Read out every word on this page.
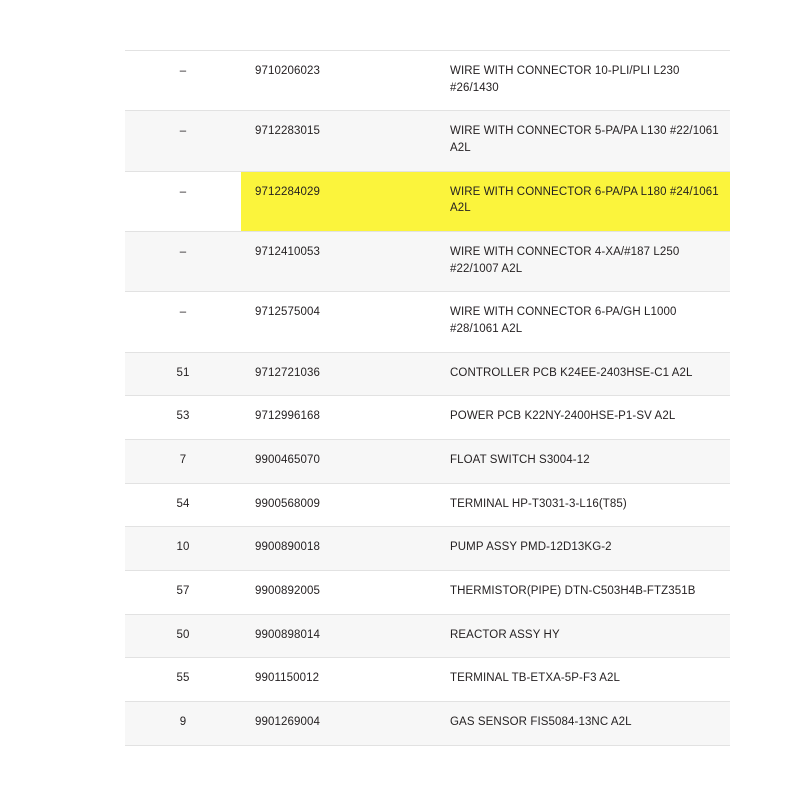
–	9710206023	WIRE WITH CONNECTOR 10-PLI/PLI L230
#26/1430

–	9712283015	WIRE WITH CONNECTOR 5-PA/PA L130 #22/1061
A2L

–	9712284029	WIRE WITH CONNECTOR 6-PA/PA L180 #24/1061
A2L

–	9712410053	WIRE WITH CONNECTOR 4-XA/#187 L250
#22/1007 A2L

–	9712575004	WIRE WITH CONNECTOR 6-PA/GH L1000
#28/1061 A2L

51	9712721036	CONTROLLER PCB K24EE-2403HSE-C1 A2L

53	9712996168	POWER PCB K22NY-2400HSE-P1-SV A2L

7	9900465070	FLOAT SWITCH S3004-12

54	9900568009	TERMINAL HP-T3031-3-L16(T85)

10	9900890018	PUMP ASSY PMD-12D13KG-2

57	9900892005	THERMISTOR(PIPE) DTN-C503H4B-FTZ351B

50	9900898014	REACTOR ASSY HY

55	9901150012	TERMINAL TB-ETXA-5P-F3 A2L

9	9901269004	GAS SENSOR FIS5084-13NC A2L
